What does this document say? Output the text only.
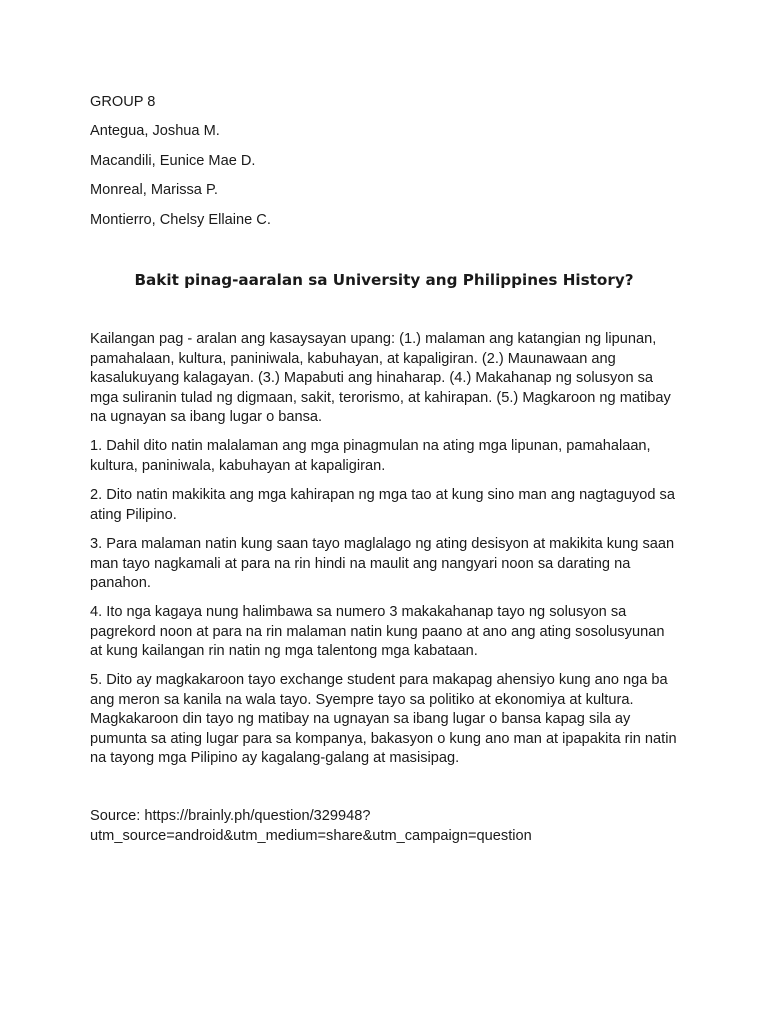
GROUP 8

Antegua, Joshua M.

Macandili, Eunice Mae D.

Monreal, Marissa P.

Montierro, Chelsy Ellaine C.

Bakit pinag-aaralan sa University ang Philippines History?

Kailangan pag - aralan ang kasaysayan upang: (1.) malaman ang katangian ng lipunan, pamahalaan, kultura, paniniwala, kabuhayan, at kapaligiran. (2.) Maunawaan ang kasalukuyang kalagayan. (3.) Mapabuti ang hinaharap. (4.) Makahanap ng solusyon sa mga suliranin tulad ng digmaan, sakit, terorismo, at kahirapan. (5.) Magkaroon ng matibay na ugnayan sa ibang lugar o bansa.

1. Dahil dito natin malalaman ang mga pinagmulan na ating mga lipunan, pamahalaan, kultura, paniniwala, kabuhayan at kapaligiran.

2. Dito natin makikita ang mga kahirapan ng mga tao at kung sino man ang nagtaguyod sa ating Pilipino.

3. Para malaman natin kung saan tayo maglalago ng ating desisyon at makikita kung saan man tayo nagkamali at para na rin hindi na maulit ang nangyari noon sa darating na panahon.

4. Ito nga kagaya nung halimbawa sa numero 3 makakahanap tayo ng solusyon sa pagrekord noon at para na rin malaman natin kung paano at ano ang ating sosolusyunan at kung kailangan rin natin ng mga talentong mga kabataan.

5. Dito ay magkakaroon tayo exchange student para makapag ahensiyo kung ano nga ba ang meron sa kanila na wala tayo. Syempre tayo sa politiko at ekonomiya at kultura. Magkakaroon din tayo ng matibay na ugnayan sa ibang lugar o bansa kapag sila ay pumunta sa ating lugar para sa kompanya, bakasyon o kung ano man at ipapakita rin natin na tayong mga Pilipino ay kagalang-galang at masisipag.

Source: https://brainly.ph/question/329948?
utm_source=android&utm_medium=share&utm_campaign=question
